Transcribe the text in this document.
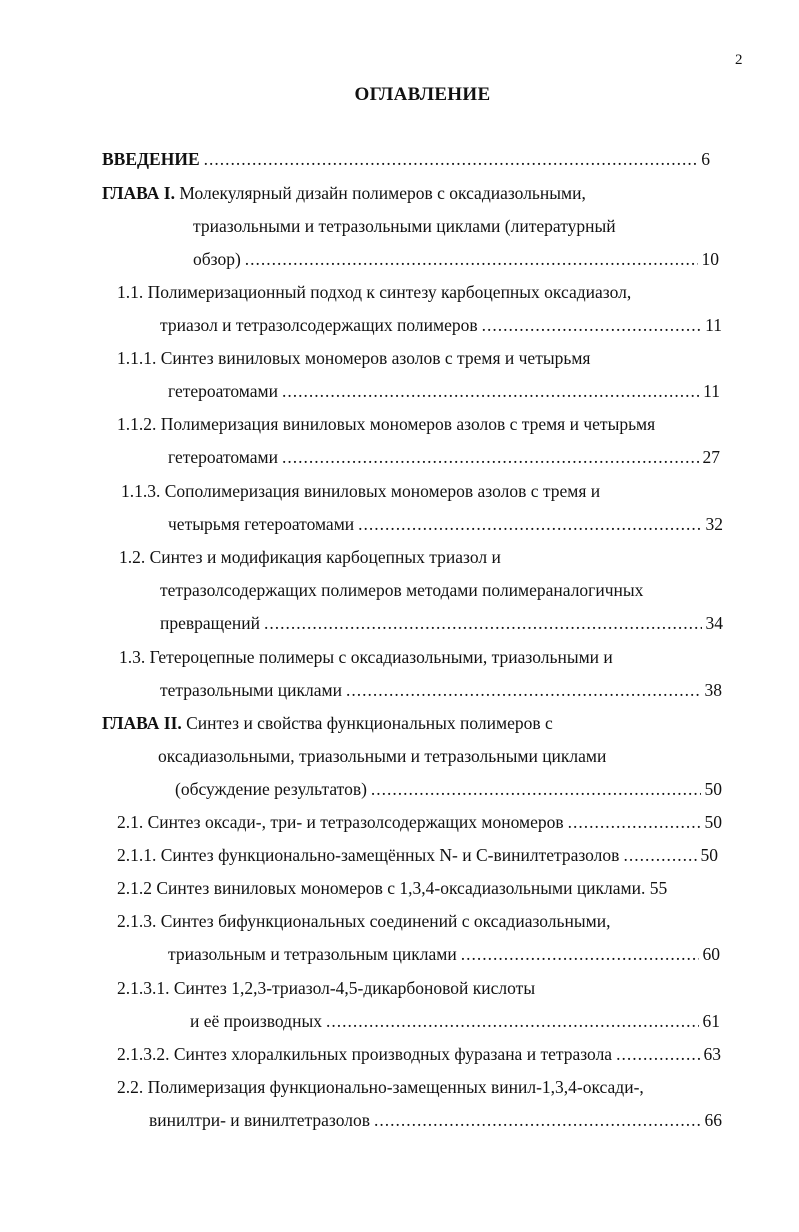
2
ОГЛАВЛЕНИЕ
ВВЕДЕНИЕ .....	6
ГЛАВА I. Молекулярный дизайн полимеров с оксадиазольными,
триазольными и тетразольными циклами (литературный
обзор) .....	10
1.1. Полимеризационный подход к синтезу карбоцепных оксадиазол,
триазол и тетразолсодержащих полимеров .....	11
1.1.1. Синтез виниловых мономеров азолов с тремя и четырьмя
гетероатомами .....	11
1.1.2. Полимеризация виниловых мономеров азолов с тремя и четырьмя
гетероатомами .....	27
1.1.3. Сополимеризация виниловых мономеров азолов с тремя и
четырьмя гетероатомами .....	32
1.2. Синтез и модификация карбоцепных триазол и
тетразолсодержащих полимеров методами полимераналогичных
превращений .....	34
1.3. Гетероцепные полимеры с оксадиазольными, триазольными и
тетразольными циклами .....	38
ГЛАВА II. Синтез и свойства функциональных полимеров с
оксадиазольными, триазольными и тетразольными циклами
(обсуждение результатов) .....	50
2.1. Синтез оксади-, три- и тетразолсодержащих мономеров .....	50
2.1.1. Синтез функционально-замещённых N- и С-винилтетразолов .....	50
2.1.2 Синтез виниловых мономеров с 1,3,4-оксадиазольными циклами. 55
2.1.3. Синтез бифункциональных соединений с оксадиазольными,
триазольным и тетразольным циклами .....	60
2.1.3.1. Синтез 1,2,3-триазол-4,5-дикарбоновой кислоты
и её производных .....	61
2.1.3.2. Синтез хлоралкильных производных фуразана и тетразола .....	63
2.2. Полимеризация функционально-замещенных винил-1,3,4-оксади-,
винилтри- и винилтетразолов .....	66
